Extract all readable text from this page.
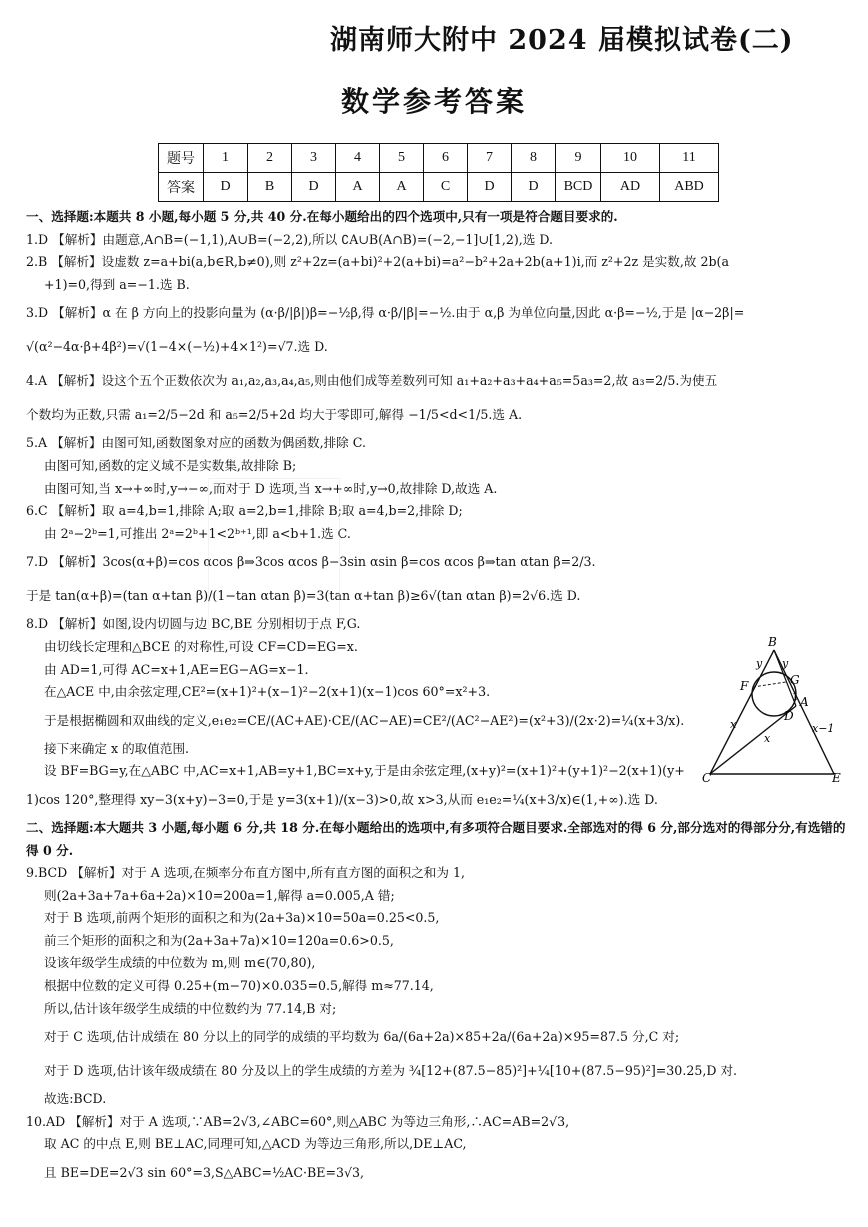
湖南师大附中 2024 届模拟试卷(二)
数学参考答案
题号	1	2	3	4	5	6	7	8	9	10	11
答案	D	B	D	A	A	C	D	D	BCD	AD	ABD

一、选择题:本题共 8 小题,每小题 5 分,共 40 分.在每小题给出的四个选项中,只有一项是符合题目要求的.

1.D 【解析】由题意,A∩B=(−1,1),A∪B=(−2,2),所以 ∁A∪B(A∩B)=(−2,−1]∪[1,2),选 D.

2.B 【解析】设虚数 z=a+bi(a,b∈R,b≠0),则 z²+2z=(a+bi)²+2(a+bi)=a²−b²+2a+2b(a+1)i,而 z²+2z 是实数,故 2b(a

+1)=0,得到 a=−1.选 B.

3.D 【解析】α 在 β 方向上的投影向量为 (α·β/|β|)β=−½β,得 α·β/|β|=−½.由于 α,β 为单位向量,因此 α·β=−½,于是 |α−2β|=

√(α²−4α·β+4β²)=√(1−4×(−½)+4×1²)=√7.选 D.

4.A 【解析】设这个五个正数依次为 a₁,a₂,a₃,a₄,a₅,则由他们成等差数列可知 a₁+a₂+a₃+a₄+a₅=5a₃=2,故 a₃=2/5.为使五

个数均为正数,只需 a₁=2/5−2d 和 a₅=2/5+2d 均大于零即可,解得 −1/5<d<1/5.选 A.

5.A 【解析】由图可知,函数图象对应的函数为偶函数,排除 C.

由图可知,函数的定义域不是实数集,故排除 B;

由图可知,当 x→+∞时,y→−∞,而对于 D 选项,当 x→+∞时,y→0,故排除 D,故选 A.

6.C 【解析】取 a=4,b=1,排除 A;取 a=2,b=1,排除 B;取 a=4,b=2,排除 D;

由 2ᵃ−2ᵇ=1,可推出 2ᵃ=2ᵇ+1<2ᵇ⁺¹,即 a<b+1.选 C.

7.D 【解析】3cos(α+β)=cos αcos β⇒3cos αcos β−3sin αsin β=cos αcos β⇒tan αtan β=2/3.

于是 tan(α+β)=(tan α+tan β)/(1−tan αtan β)=3(tan α+tan β)≥6√(tan αtan β)=2√6.选 D.

8.D 【解析】如图,设内切圆与边 BC,BE 分别相切于点 F,G.

由切线长定理和△BCE 的对称性,可设 CF=CD=EG=x.

由 AD=1,可得 AC=x+1,AE=EG−AG=x−1.

在△ACE 中,由余弦定理,CE²=(x+1)²+(x−1)²−2(x+1)(x−1)cos 60°=x²+3.

于是根据椭圆和双曲线的定义,e₁e₂=CE/(AC+AE)·CE/(AC−AE)=CE²/(AC²−AE²)=(x²+3)/(2x·2)=¼(x+3/x).

接下来确定 x 的取值范围.

设 BF=BG=y,在△ABC 中,AC=x+1,AB=y+1,BC=x+y,于是由余弦定理,(x+y)²=(x+1)²+(y+1)²−2(x+1)(y+

1)cos 120°,整理得 xy−3(x+y)−3=0,于是 y=3(x+1)/(x−3)>0,故 x>3,从而 e₁e₂=¼(x+3/x)∈(1,+∞).选 D.

二、选择题:本大题共 3 小题,每小题 6 分,共 18 分.在每小题给出的选项中,有多项符合题目要求.全部选对的得 6 分,部分选对的得部分分,有选错的得 0 分.

9.BCD 【解析】对于 A 选项,在频率分布直方图中,所有直方图的面积之和为 1,

则(2a+3a+7a+6a+2a)×10=200a=1,解得 a=0.005,A 错;

对于 B 选项,前两个矩形的面积之和为(2a+3a)×10=50a=0.25<0.5,

前三个矩形的面积之和为(2a+3a+7a)×10=120a=0.6>0.5,

设该年级学生成绩的中位数为 m,则 m∈(70,80),

根据中位数的定义可得 0.25+(m−70)×0.035=0.5,解得 m≈77.14,

所以,估计该年级学生成绩的中位数约为 77.14,B 对;

对于 C 选项,估计成绩在 80 分以上的同学的成绩的平均数为 6a/(6a+2a)×85+2a/(6a+2a)×95=87.5 分,C 对;

对于 D 选项,估计该年级成绩在 80 分及以上的学生成绩的方差为 ¾[12+(87.5−85)²]+¼[10+(87.5−95)²]=30.25,D 对.

故选:BCD.

10.AD 【解析】对于 A 选项,∵AB=2√3,∠ABC=60°,则△ABC 为等边三角形,∴AC=AB=2√3,

取 AC 的中点 E,则 BE⊥AC,同理可知,△ACD 为等边三角形,所以,DE⊥AC,

且 BE=DE=2√3 sin 60°=3,S△ABC=½AC·BE=3√3,

B
y y
F	G
A
D
1
x
x
x−1
C	E
